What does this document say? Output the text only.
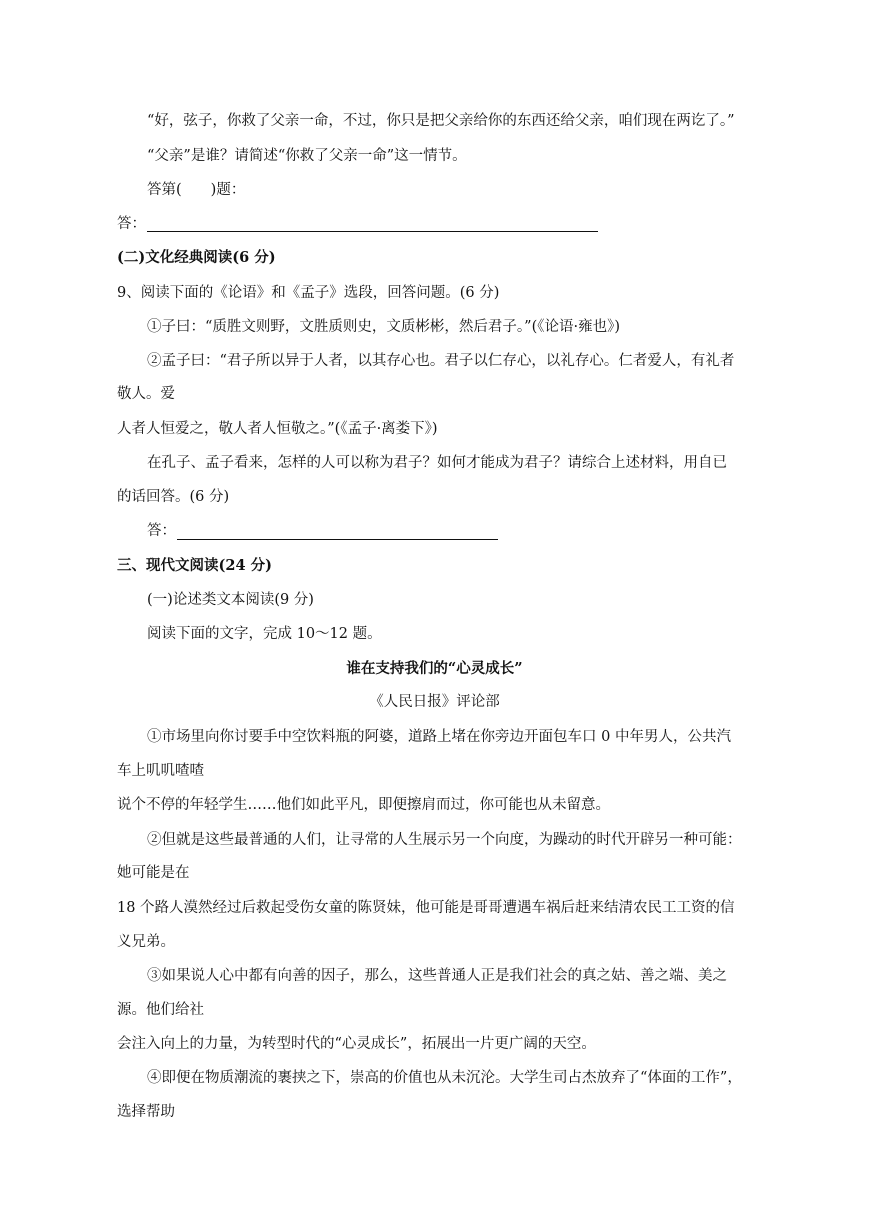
“好，弦子，你救了父亲一命，不过，你只是把父亲给你的东西还给父亲，咱们现在两讫了。”
“父亲”是谁？请简述“你救了父亲一命”这一情节。
答第(　　)题：
答：
(二)文化经典阅读(6 分)
9、阅读下面的《论语》和《孟子》选段，回答问题。(6 分)
①子曰：“质胜文则野，文胜质则史，文质彬彬，然后君子。”(《论语·雍也》)
②孟子曰：“君子所以异于人者，以其存心也。君子以仁存心，以礼存心。仁者爱人，有礼者
敬人。爱
人者人恒爱之，敬人者人恒敬之。”(《孟子·离娄下》)
在孔子、孟子看来，怎样的人可以称为君子？如何才能成为君子？请综合上述材料，用自已
的话回答。(6 分)
答：
三、现代文阅读(24 分)
(一)论述类文本阅读(9 分)
阅读下面的文字，完成 10～12 题。
谁在支持我们的“心灵成长”
《人民日报》评论部
①市场里向你讨要手中空饮料瓶的阿婆，道路上堵在你旁边开面包车口 0 中年男人，公共汽
车上叽叽喳喳
说个不停的年轻学生……他们如此平凡，即便擦肩而过，你可能也从未留意。
②但就是这些最普通的人们，让寻常的人生展示另一个向度，为躁动的时代开辟另一种可能：
她可能是在
18 个路人漠然经过后救起受伤女童的陈贤妹，他可能是哥哥遭遇车祸后赶来结清农民工工资的信
义兄弟。
③如果说人心中都有向善的因子，那么，这些普通人正是我们社会的真之姑、善之端、美之
源。他们给社
会注入向上的力量，为转型时代的“心灵成长”，拓展出一片更广阔的天空。
④即便在物质潮流的裹挟之下，崇高的价值也从未沉沦。大学生司占杰放弃了“体面的工作”，
选择帮助
